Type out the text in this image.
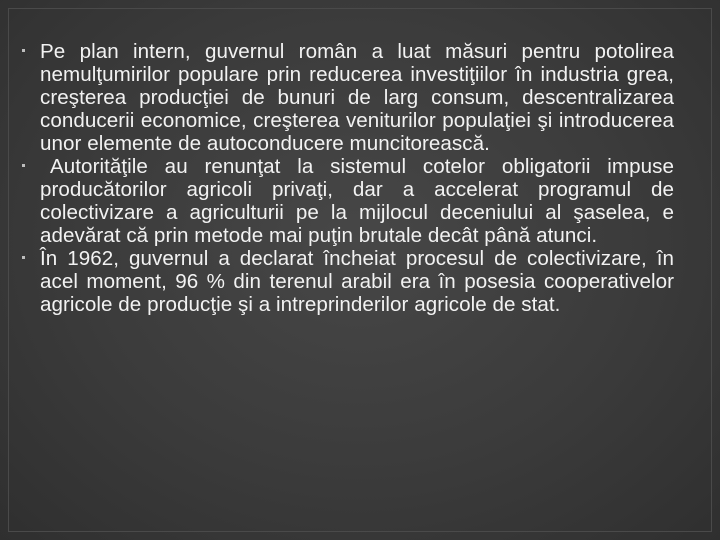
Pe plan intern, guvernul român a luat măsuri pentru potolirea nemulţumirilor populare prin reducerea investiţiilor în industria grea, creşterea producţiei de bunuri de larg consum, descentralizarea conducerii economice, creşterea veniturilor populaţiei şi introducerea unor elemente de autoconducere muncitorească.
Autorităţile au renunţat la sistemul cotelor obligatorii impuse producătorilor agricoli privaţi, dar a accelerat programul de colectivizare a agriculturii pe la mijlocul deceniului al şaselea, e adevărat că prin metode mai puţin brutale decât până atunci.
În 1962, guvernul a declarat încheiat procesul de colectivizare, în acel moment, 96 % din terenul arabil era în posesia cooperativelor agricole de producţie şi a intreprinderilor agricole de stat.
